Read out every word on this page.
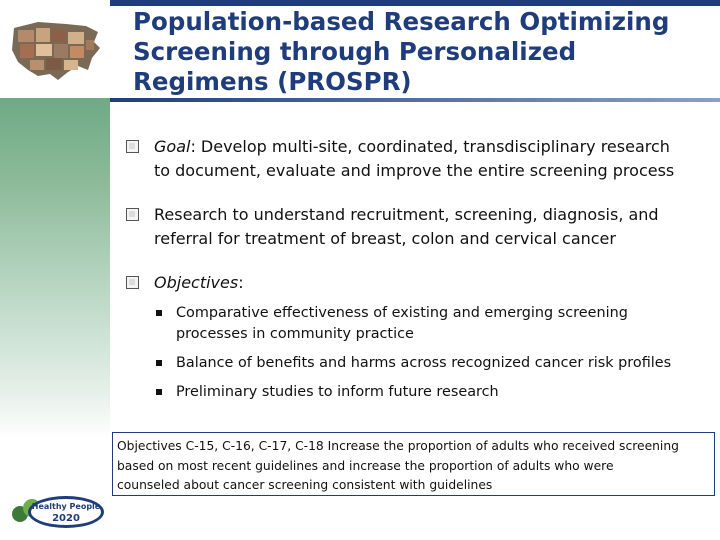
Healthy People
2020
Population-based Research Optimizing
Screening through Personalized
Regimens (PROSPR)
Goal: Develop multi-site, coordinated, transdisciplinary research
to document, evaluate and improve the entire screening process
Research to understand recruitment, screening, diagnosis, and
referral for treatment of breast, colon and cervical cancer
Objectives:
Comparative effectiveness of existing and emerging screening
processes in community practice
Balance of benefits and harms across recognized cancer risk profiles
Preliminary studies to inform future research
Objectives C-15, C-16, C-17, C-18 Increase the proportion of adults who received screening
based on most recent guidelines and increase the proportion of adults who were
counseled about cancer screening consistent with guidelines
